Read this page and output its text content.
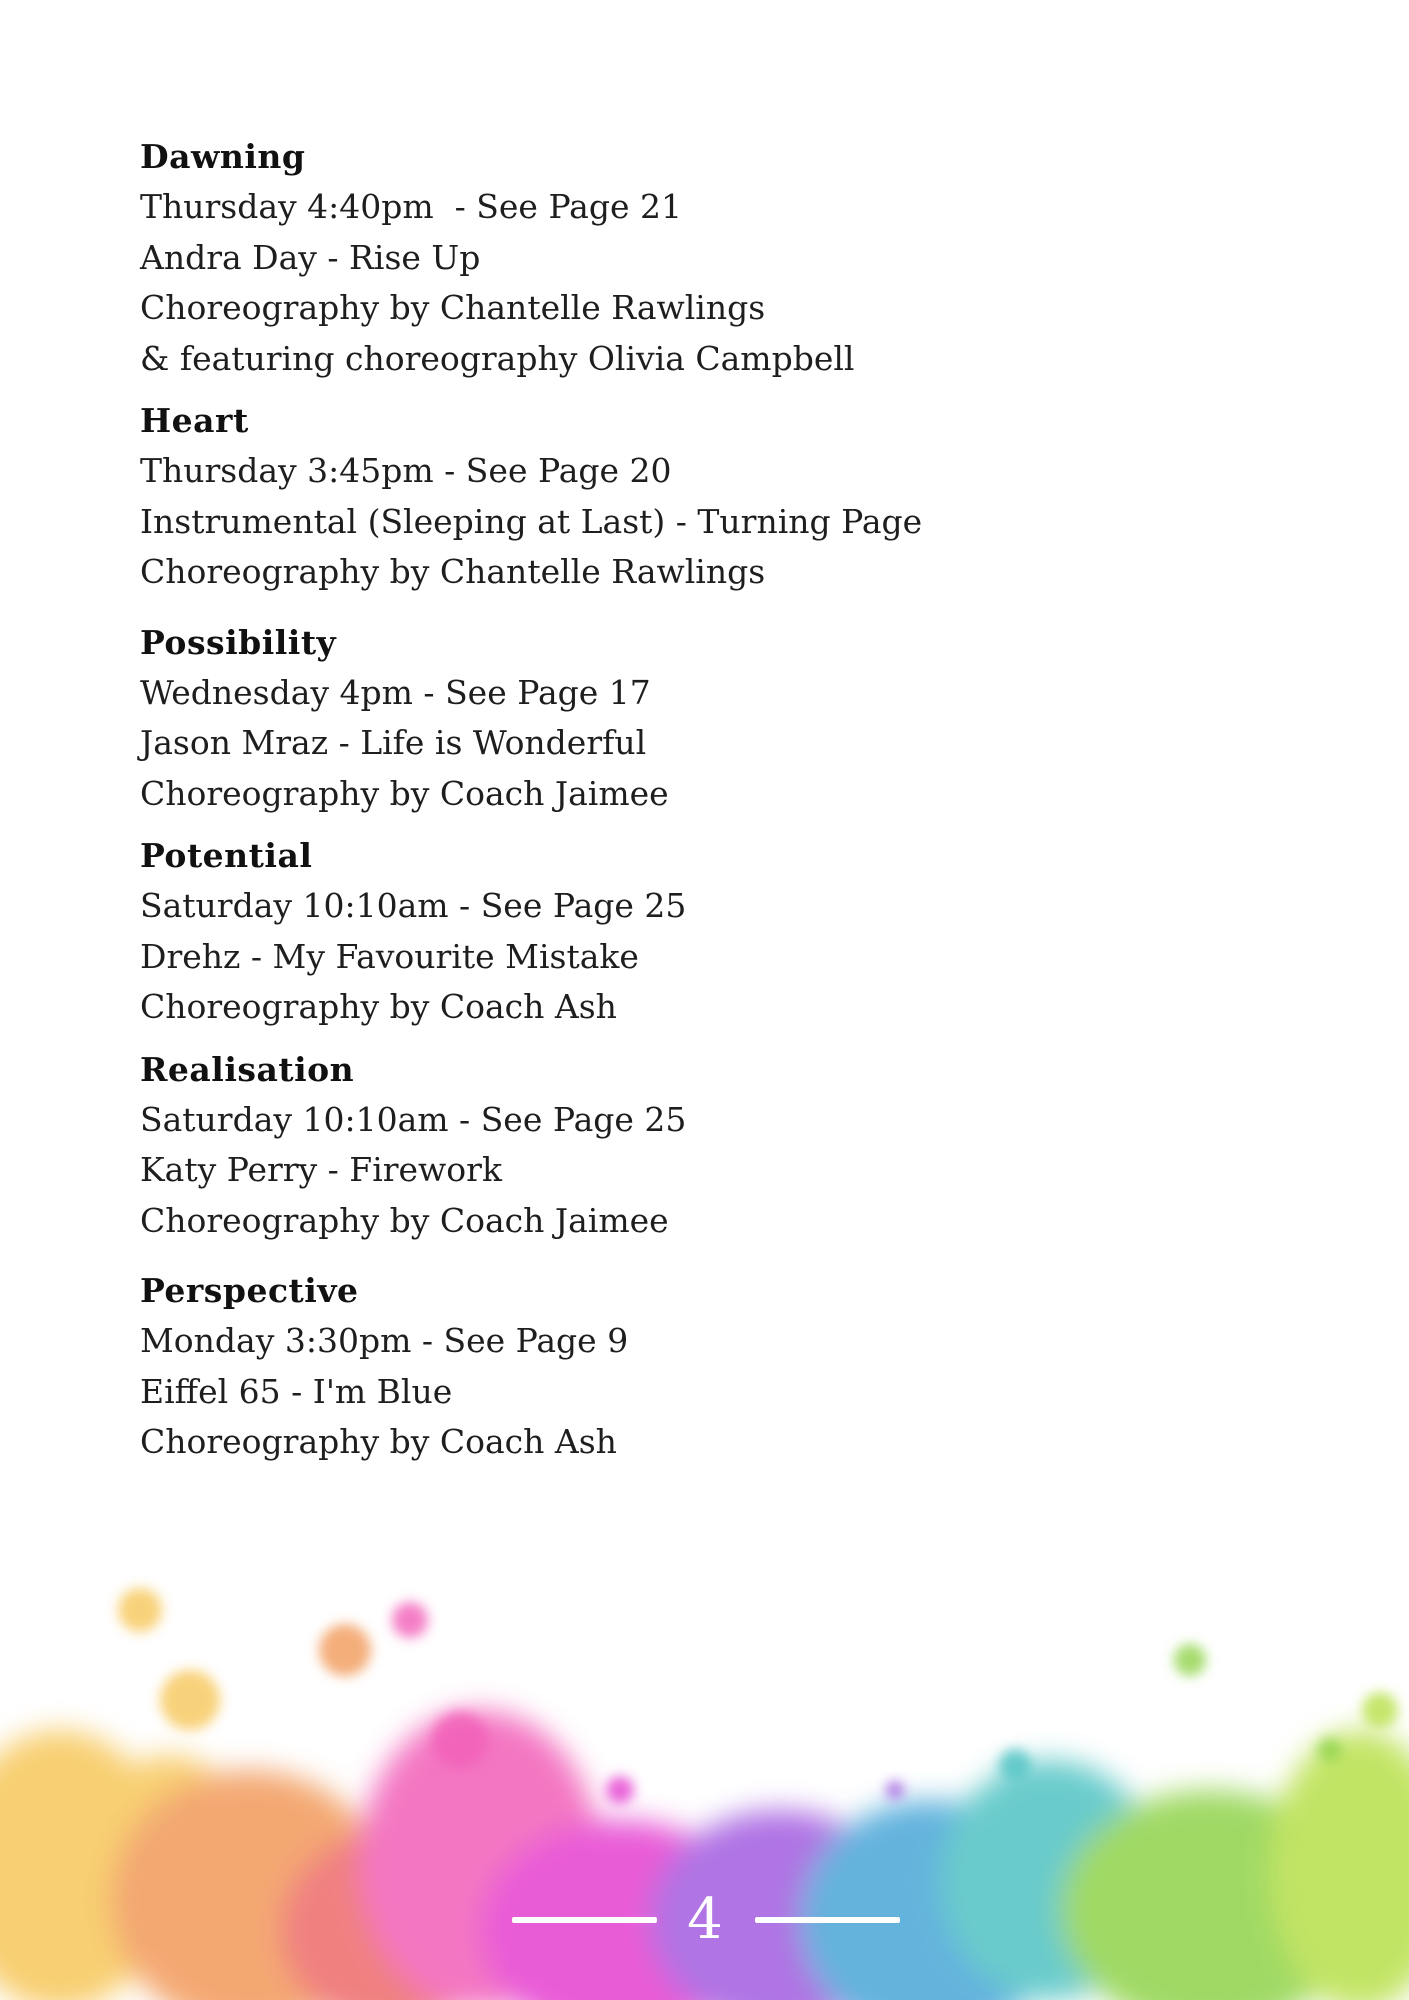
Dawning

Thursday 4:40pm  - See Page 21

Andra Day - Rise Up

Choreography by Chantelle Rawlings

& featuring choreography Olivia Campbell

Heart

Thursday 3:45pm - See Page 20

Instrumental (Sleeping at Last) - Turning Page

Choreography by Chantelle Rawlings

Possibility

Wednesday 4pm - See Page 17

Jason Mraz - Life is Wonderful

Choreography by Coach Jaimee

Potential

Saturday 10:10am - See Page 25

Drehz - My Favourite Mistake

Choreography by Coach Ash

Realisation

Saturday 10:10am - See Page 25

Katy Perry - Firework

Choreography by Coach Jaimee

Perspective

Monday 3:30pm - See Page 9

Eiffel 65 - I'm Blue

Choreography by Coach Ash

4
